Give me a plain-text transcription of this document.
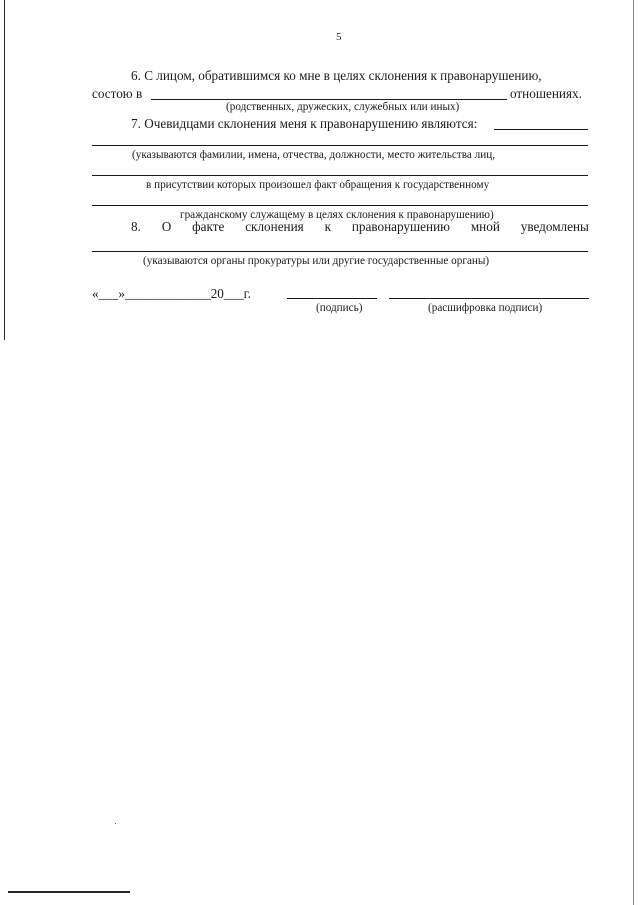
5
6. С лицом, обратившимся ко мне в целях склонения к правонарушению,
состою в	отношениях.
(родственных, дружеских, служебных или иных)
7. Очевидцами склонения меня к правонарушению являются:
(указываются фамилии, имена, отчества, должности, место жительства лиц,
в присутствии которых произошел факт обращения к государственному
гражданскому служащему в целях склонения к правонарушению)
8. О факте склонения к правонарушению мной уведомлены
(указываются органы прокуратуры или другие государственные органы)
«___»_____________20___г.
(подпись)	(расшифровка подписи)
